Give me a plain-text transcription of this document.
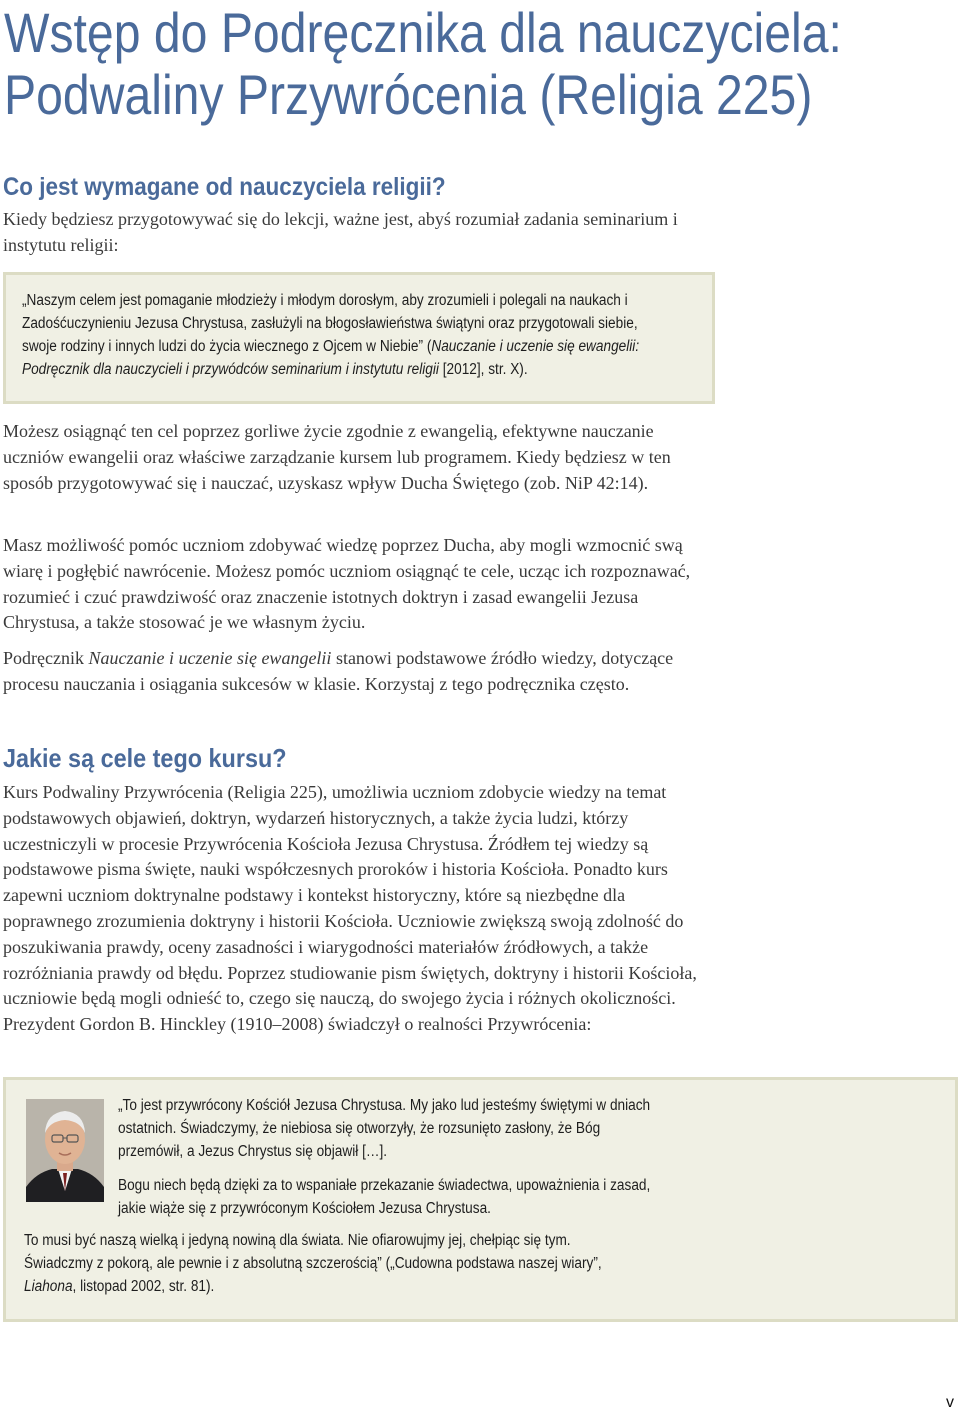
Wstęp do Podręcznika dla nauczyciela:
Podwaliny Przywrócenia (Religia 225)
Co jest wymagane od nauczyciela religii?

Kiedy będziesz przygotowywać się do lekcji, ważne jest, abyś rozumiał zadania seminarium i instytutu religii:

„Naszym celem jest pomaganie młodzieży i młodym dorosłym, aby zrozumieli i polegali na naukach i
Zadośćuczynieniu Jezusa Chrystusa, zasłużyli na błogosławieństwa świątyni oraz przygotowali siebie,
swoje rodziny i innych ludzi do życia wiecznego z Ojcem w Niebie” (Nauczanie i uczenie się ewangelii:
Podręcznik dla nauczycieli i przywódców seminarium i instytutu religii [2012], str. X).

Możesz osiągnąć ten cel poprzez gorliwe życie zgodnie z ewangelią, efektywne nauczanie uczniów ewangelii oraz właściwe zarządzanie kursem lub programem. Kiedy będziesz w ten sposób przygotowywać się i nauczać, uzyskasz wpływ Ducha Świętego (zob. NiP 42:14).

Masz możliwość pomóc uczniom zdobywać wiedzę poprzez Ducha, aby mogli wzmocnić swą wiarę i pogłębić nawrócenie. Możesz pomóc uczniom osiągnąć te cele, ucząc ich rozpoznawać, rozumieć i czuć prawdziwość oraz znaczenie istotnych doktryn i zasad ewangelii Jezusa Chrystusa, a także stosować je we własnym życiu.

Podręcznik Nauczanie i uczenie się ewangelii stanowi podstawowe źródło wiedzy, dotyczące procesu nauczania i osiągania sukcesów w klasie. Korzystaj z tego podręcznika często.

Jakie są cele tego kursu?

Kurs Podwaliny Przywrócenia (Religia 225), umożliwia uczniom zdobycie wiedzy na temat podstawowych objawień, doktryn, wydarzeń historycznych, a także życia ludzi, którzy uczestniczyli w procesie Przywrócenia Kościoła Jezusa Chrystusa. Źródłem tej wiedzy są podstawowe pisma święte, nauki współczesnych proroków i historia Kościoła. Ponadto kurs zapewni uczniom doktrynalne podstawy i kontekst historyczny, które są niezbędne dla poprawnego zrozumienia doktryny i historii Kościoła. Uczniowie zwiększą swoją zdolność do poszukiwania prawdy, oceny zasadności i wiarygodności materiałów źródłowych, a także rozróżniania prawdy od błędu. Poprzez studiowanie pism świętych, doktryny i historii Kościoła, uczniowie będą mogli odnieść to, czego się nauczą, do swojego życia i różnych okoliczności. Prezydent Gordon B. Hinckley (1910–2008) świadczył o realności Przywrócenia:

„To jest przywrócony Kościół Jezusa Chrystusa. My jako lud jesteśmy świętymi w dniach
ostatnich. Świadczymy, że niebiosa się otworzyły, że rozsunięto zasłony, że Bóg
przemówił, a Jezus Chrystus się objawił […].
Bogu niech będą dzięki za to wspaniałe przekazanie świadectwa, upoważnienia i zasad,
jakie wiąże się z przywróconym Kościołem Jezusa Chrystusa.

To musi być naszą wielką i jedyną nowiną dla świata. Nie ofiarowujmy jej, chełpiąc się tym.
Świadczmy z pokorą, ale pewnie i z absolutną szczerością” („Cudowna podstawa naszej wiary”,
Liahona, listopad 2002, str. 81).

v
